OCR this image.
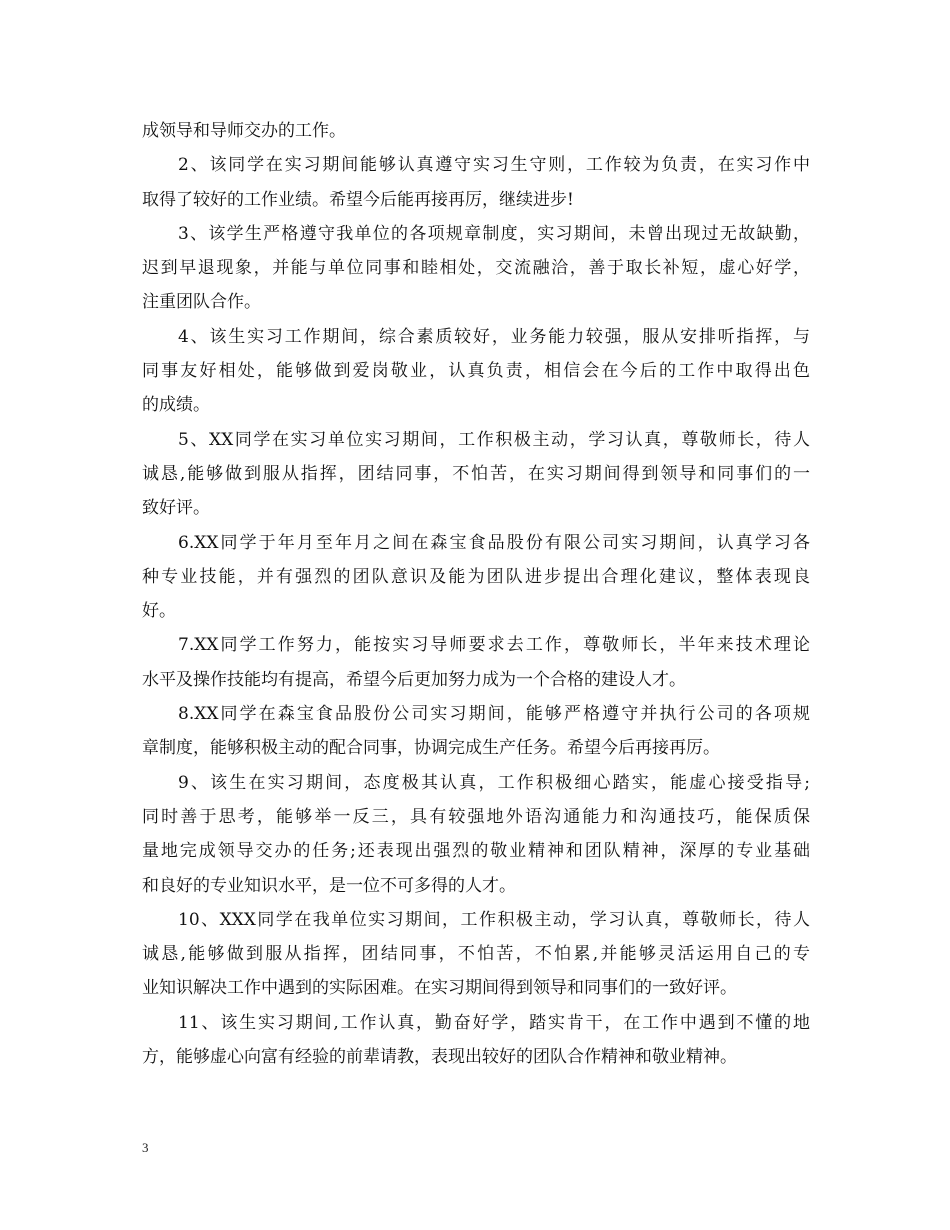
成领导和导师交办的工作。
2、该同学在实习期间能够认真遵守实习生守则，工作较为负责，在实习作中
取得了较好的工作业绩。希望今后能再接再厉，继续进步!
3、该学生严格遵守我单位的各项规章制度，实习期间，未曾出现过无故缺勤，
迟到早退现象，并能与单位同事和睦相处，交流融洽，善于取长补短，虚心好学，
注重团队合作。
4、该生实习工作期间，综合素质较好，业务能力较强，服从安排听指挥，与
同事友好相处，能够做到爱岗敬业，认真负责，相信会在今后的工作中取得出色
的成绩。
5、XX同学在实习单位实习期间，工作积极主动，学习认真，尊敬师长，待人
诚恳,能够做到服从指挥，团结同事，不怕苦，在实习期间得到领导和同事们的一
致好评。
6.XX同学于年月至年月之间在森宝食品股份有限公司实习期间，认真学习各
种专业技能，并有强烈的团队意识及能为团队进步提出合理化建议，整体表现良
好。
7.XX同学工作努力，能按实习导师要求去工作，尊敬师长，半年来技术理论
水平及操作技能均有提高，希望今后更加努力成为一个合格的建设人才。
8.XX同学在森宝食品股份公司实习期间，能够严格遵守并执行公司的各项规
章制度，能够积极主动的配合同事，协调完成生产任务。希望今后再接再厉。
9、该生在实习期间，态度极其认真，工作积极细心踏实，能虚心接受指导;
同时善于思考，能够举一反三，具有较强地外语沟通能力和沟通技巧，能保质保
量地完成领导交办的任务;还表现出强烈的敬业精神和团队精神，深厚的专业基础
和良好的专业知识水平，是一位不可多得的人才。
10、XXX同学在我单位实习期间，工作积极主动，学习认真，尊敬师长，待人
诚恳,能够做到服从指挥，团结同事，不怕苦，不怕累,并能够灵活运用自己的专
业知识解决工作中遇到的实际困难。在实习期间得到领导和同事们的一致好评。
11、该生实习期间,工作认真，勤奋好学，踏实肯干，在工作中遇到不懂的地
方，能够虚心向富有经验的前辈请教，表现出较好的团队合作精神和敬业精神。
3
